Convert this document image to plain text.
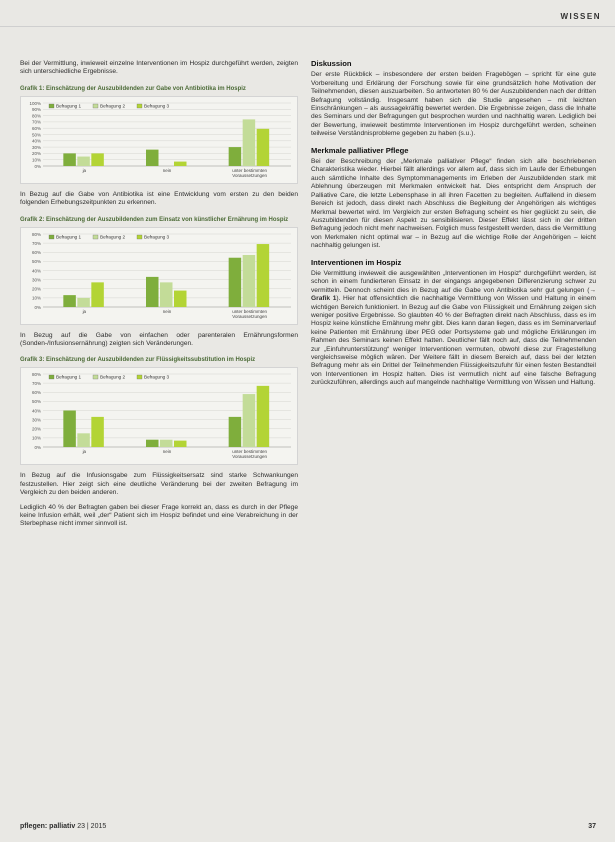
WISSEN

Bei der Vermittlung, inwieweit einzelne Interventionen im Hospiz durchgeführt werden, zeigten sich unterschiedliche Ergebnisse.

Grafik 1: Einschätzung der Auszubildenden zur Gabe von Antibiotika im Hospiz
0%
10%
20%
30%
40%
50%
60%
70%
80%
90%
100%
Befragung 1	Befragung 2	Befragung 3
ja	nein	unter bestimmten
Voraussetzungen

In Bezug auf die Gabe von Antibiotika ist eine Entwicklung vom ersten zu den beiden folgenden Erhebungszeitpunkten zu erkennen.

Grafik 2: Einschätzung der Auszubildenden zum Einsatz von künstlicher Ernährung im Hospiz
0%
10%
20%
30%
40%
50%
60%
70%
80%
Befragung 1	Befragung 2	Befragung 3
ja	nein	unter bestimmten
Voraussetzungen

In Bezug auf die Gabe von einfachen oder parenteralen Ernährungsformen (Sonden-/Infusionsernährung) zeigten sich Veränderungen.

Grafik 3: Einschätzung der Auszubildenden zur Flüssigkeitssubstitution im Hospiz
0%
10%
20%
30%
40%
50%
60%
70%
80%
Befragung 1	Befragung 2	Befragung 3
ja	nein	unter bestimmten
Voraussetzungen

In Bezug auf die Infusionsgabe zum Flüssigkeitsersatz sind starke Schwankungen festzustellen. Hier zeigt sich eine deutliche Veränderung bei der zweiten Befragung im Vergleich zu den beiden anderen.

Lediglich 40 % der Befragten gaben bei dieser Frage korrekt an, dass es durch in der Pflege keine Infusion erhält, weil „der“ Patient sich im Hospiz befindet und eine Verabreichung in der Sterbephase nicht immer sinnvoll ist.

Diskussion

Der erste Rückblick – insbesondere der ersten beiden Fragebögen – spricht für eine gute Vorbereitung und Erklärung der Forschung sowie für eine grundsätzlich hohe Motivation der Teilnehmenden, diesen auszuarbeiten. So antworteten 80 % der Auszubildenden nach der dritten Befragung vollständig. Insgesamt haben sich die Studie angesehen – mit leichten Einschränkungen – als aussagekräftig bewertet werden. Die Ergebnisse zeigen, dass die Inhalte des Seminars und der Befragungen gut besprochen wurden und nachhaltig waren. Lediglich bei der Bewertung, inwieweit bestimmte Interventionen im Hospiz durchgeführt werden, scheinen teilweise Verständnisprobleme gegeben zu haben (s.u.).

Merkmale palliativer Pflege

Bei der Beschreibung der „Merkmale palliativer Pflege“ finden sich alle beschriebenen Charakteristika wieder. Hierbei fällt allerdings vor allem auf, dass sich im Laufe der Erhebungen auch sämtliche Inhalte des Symptommanagements im Erleben der Auszubildenden stark mit Ablehnung überzeugen mit Merkmalen entwickelt hat. Dies entspricht dem Anspruch der Palliative Care, die letzte Lebensphase in all ihren Facetten zu begleiten. Auffallend in diesem Bereich ist jedoch, dass direkt nach Abschluss die Begleitung der Angehörigen als wichtiges Merkmal bewertet wird. Im Vergleich zur ersten Befragung scheint es hier geglückt zu sein, die Auszubildenden für diesen Aspekt zu sensibilisieren. Dieser Effekt lässt sich in der dritten Befragung jedoch nicht mehr nachweisen. Folglich muss festgestellt werden, dass die Vermittlung von Merkmalen nicht optimal war – in Bezug auf die wichtige Rolle der Angehörigen – leicht nachhaltig gelungen ist.

Interventionen im Hospiz

Die Vermittlung inwieweit die ausgewählten „Interventionen im Hospiz“ durchgeführt werden, ist schon in einem fundierteren Einsatz in der eingangs angegebenen Differenzierung schwer zu vermitteln. Dennoch scheint dies in Bezug auf die Gabe von Antibiotika sehr gut gelungen (→ Grafik 1). Hier hat offensichtlich die nachhaltige Vermittlung von Wissen und Haltung in einem wichtigen Bereich funktioniert. In Bezug auf die Gabe von Flüssigkeit und Ernährung zeigen sich weniger positive Ergebnisse. So glaubten 40 % der Befragten direkt nach Abschluss, dass es im Hospiz keine künstliche Ernährung mehr gibt. Dies kann daran liegen, dass es im Seminarverlauf keine Patienten mit Ernährung über PEG oder Portsysteme gab und mögliche Erklärungen im Rahmen des Seminars keinen Effekt hatten. Deutlicher fällt noch auf, dass die Teilnehmenden zur „Einfuhrunterstützung“ weniger Interventionen vermuten, obwohl diese zur Fragestellung vergleichsweise möglich wären. Der Weitere fällt in diesem Bereich auf, dass bei der letzten Befragung mehr als ein Drittel der Teilnehmenden Flüssigkeitszufuhr für einen festen Bestandteil von Interventionen im Hospiz halten. Dies ist vermutlich nicht auf eine falsche Befragung zurückzuführen, allerdings auch auf mangelnde nachhaltige Vermittlung von Wissen und Haltung.

pflegen: palliativ 23 | 2015	37
